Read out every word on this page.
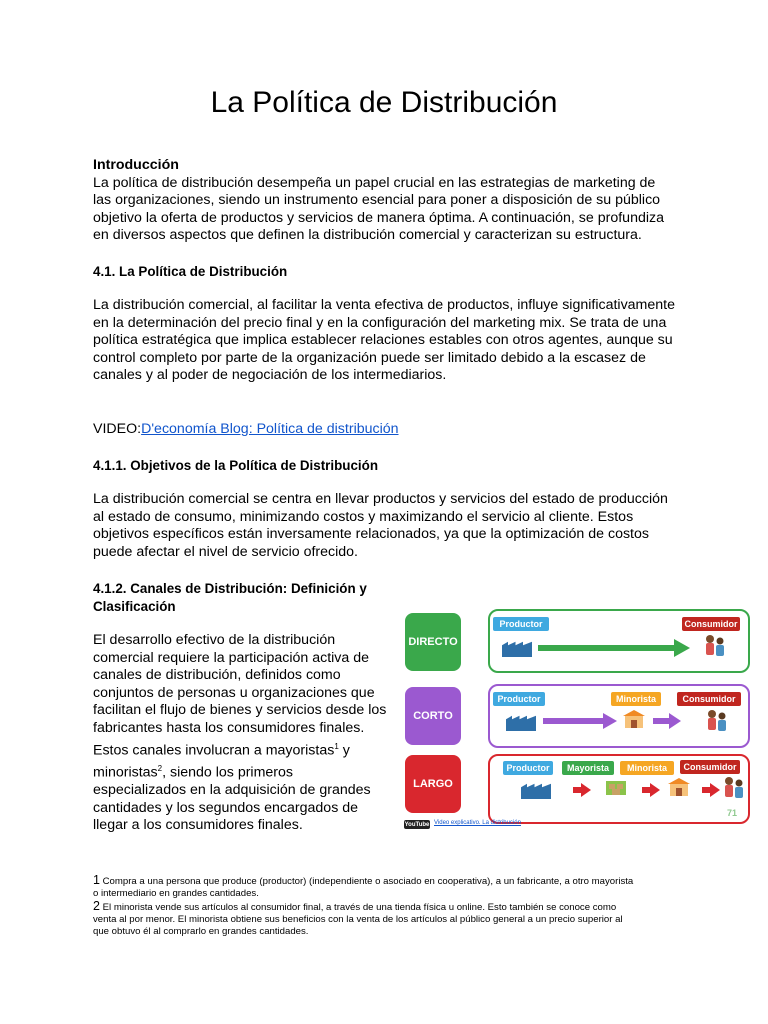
La Política de Distribución
Introducción
La política de distribución desempeña un papel crucial en las estrategias de marketing de
las organizaciones, siendo un instrumento esencial para poner a disposición de su público
objetivo la oferta de productos y servicios de manera óptima. A continuación, se profundiza
en diversos aspectos que definen la distribución comercial y caracterizan su estructura.
4.1. La Política de Distribución
La distribución comercial, al facilitar la venta efectiva de productos, influye significativamente
en la determinación del precio final y en la configuración del marketing mix. Se trata de una
política estratégica que implica establecer relaciones estables con otros agentes, aunque su
control completo por parte de la organización puede ser limitado debido a la escasez de
canales y al poder de negociación de los intermediarios.
VIDEO:D'economía Blog: Política de distribución
4.1.1. Objetivos de la Política de Distribución
La distribución comercial se centra en llevar productos y servicios del estado de producción
al estado de consumo, minimizando costos y maximizando el servicio al cliente. Estos
objetivos específicos están inversamente relacionados, ya que la optimización de costos
puede afectar el nivel de servicio ofrecido.
4.1.2. Canales de Distribución: Definición y
Clasificación
El desarrollo efectivo de la distribución
comercial requiere la participación activa de
canales de distribución, definidos como
conjuntos de personas u organizaciones que
facilitan el flujo de bienes y servicios desde los
fabricantes hasta los consumidores finales.
Estos canales involucran a mayoristas$^1$ y
minoristas$^2$, siendo los primeros
especializados en la adquisición de grandes
cantidades y los segundos encargados de
llegar a los consumidores finales.
DIRECTO
Productor	Consumidor
CORTO
Productor	Minorista	Consumidor
LARGO
Productor	Mayorista	Minorista	Consumidor
71
YouTube Video explicativo. La distribución
1 Compra a una persona que produce (productor) (independiente o asociado en cooperativa), a un fabricante, a otro mayorista
o intermediario en grandes cantidades.
2 El minorista vende sus artículos al consumidor final, a través de una tienda física u online. Esto también se conoce como
venta al por menor. El minorista obtiene sus beneficios con la venta de los artículos al público general a un precio superior al
que obtuvo él al comprarlo en grandes cantidades.
